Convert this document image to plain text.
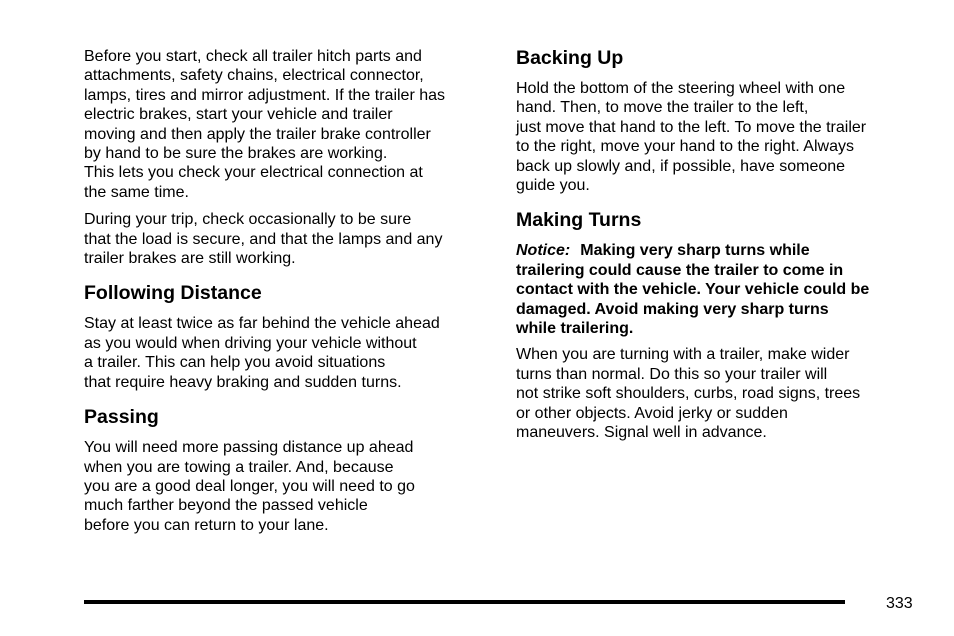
Before you start, check all trailer hitch parts and
attachments, safety chains, electrical connector,
lamps, tires and mirror adjustment. If the trailer has
electric brakes, start your vehicle and trailer
moving and then apply the trailer brake controller
by hand to be sure the brakes are working.
This lets you check your electrical connection at
the same time.

During your trip, check occasionally to be sure
that the load is secure, and that the lamps and any
trailer brakes are still working.

Following Distance

Stay at least twice as far behind the vehicle ahead
as you would when driving your vehicle without
a trailer. This can help you avoid situations
that require heavy braking and sudden turns.

Passing

You will need more passing distance up ahead
when you are towing a trailer. And, because
you are a good deal longer, you will need to go
much farther beyond the passed vehicle
before you can return to your lane.

Backing Up

Hold the bottom of the steering wheel with one
hand. Then, to move the trailer to the left,
just move that hand to the left. To move the trailer
to the right, move your hand to the right. Always
back up slowly and, if possible, have someone
guide you.

Making Turns

Notice: Making very sharp turns while
trailering could cause the trailer to come in
contact with the vehicle. Your vehicle could be
damaged. Avoid making very sharp turns
while trailering.

When you are turning with a trailer, make wider
turns than normal. Do this so your trailer will
not strike soft shoulders, curbs, road signs, trees
or other objects. Avoid jerky or sudden
maneuvers. Signal well in advance.

333
